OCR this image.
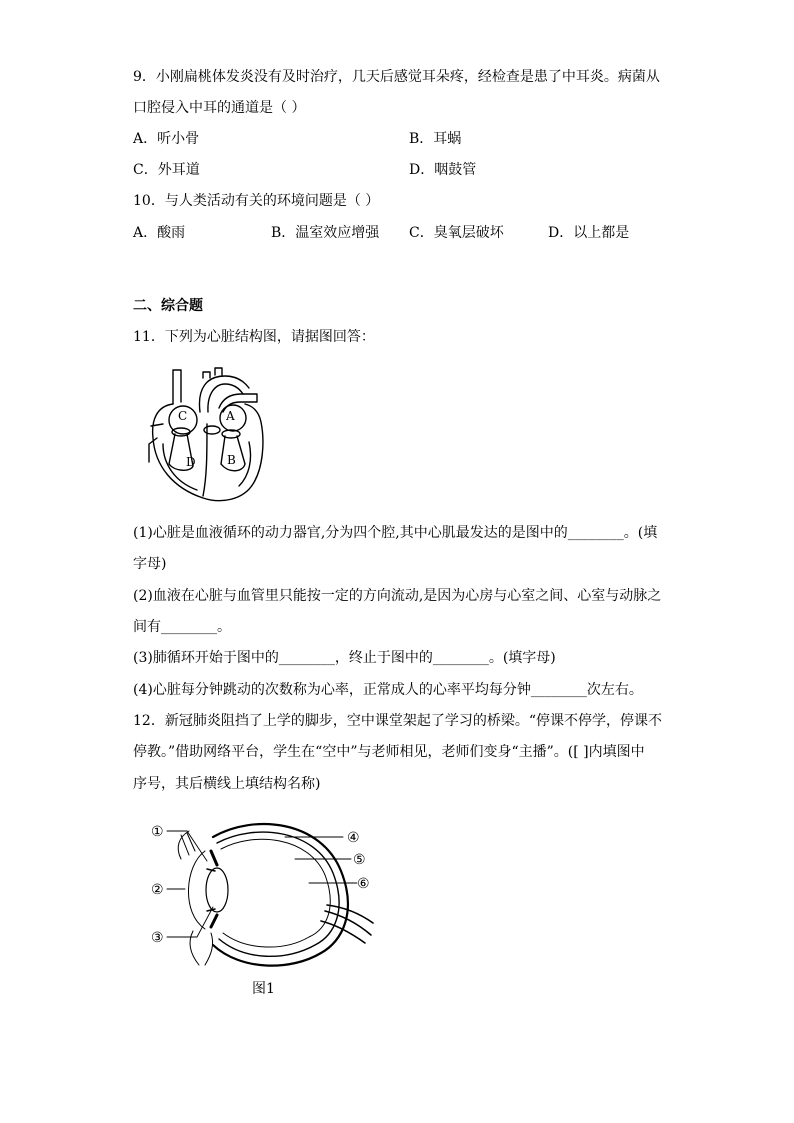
9．小刚扁桃体发炎没有及时治疗，几天后感觉耳朵疼，经检查是患了中耳炎。病菌从
口腔侵入中耳的通道是（ ）
A．听小骨	B．耳蜗
C．外耳道	D．咽鼓管
10．与人类活动有关的环境问题是（ ）
A．酸雨	B．温室效应增强 C．臭氧层破坏	D．以上都是
二、综合题
11．下列为心脏结构图，请据图回答：
C	A
D	B
(1)心脏是血液循环的动力器官,分为四个腔,其中心肌最发达的是图中的________。(填
字母)
(2)血液在心脏与血管里只能按一定的方向流动,是因为心房与心室之间、心室与动脉之
间有________。
(3)肺循环开始于图中的________，终止于图中的________。(填字母)
(4)心脏每分钟跳动的次数称为心率，正常成人的心率平均每分钟________次左右。
12．新冠肺炎阻挡了上学的脚步，空中课堂架起了学习的桥梁。“停课不停学，停课不
停教。”借助网络平台，学生在“空中”与老师相见，老师们变身“主播”。([ ]内填图中
序号，其后横线上填结构名称)
①
②
③
④
⑤
⑥
图1
